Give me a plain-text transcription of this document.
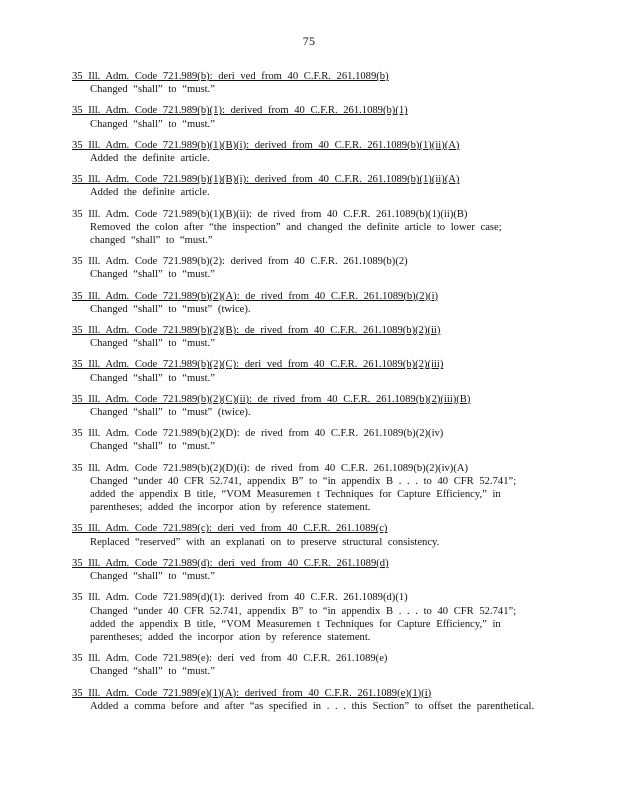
75
35 Ill. Adm. Code 721.989(b): deri ved from 40 C.F.R. 261.1089(b)
Changed “shall” to “must.”
35 Ill. Adm. Code 721.989(b)(1): derived from 40 C.F.R. 261.1089(b)(1)
Changed “shall” to “must.”
35 Ill. Adm. Code 721.989(b)(1)(B)(i): derived from 40 C.F.R. 261.1089(b)(1)(ii)(A)
Added the definite article.
35 Ill. Adm. Code 721.989(b)(1)(B)(i): derived from 40 C.F.R. 261.1089(b)(1)(ii)(A)
Added the definite article.
35 Ill. Adm. Code 721.989(b)(1)(B)(ii): de rived from 40 C.F.R. 261.1089(b)(1)(ii)(B)
Removed the colon after “the inspection” and changed the definite article to lower case;
changed “shall” to “must.”
35 Ill. Adm. Code 721.989(b)(2): derived from 40 C.F.R. 261.1089(b)(2)
Changed “shall” to “must.”
35 Ill. Adm. Code 721.989(b)(2)(A): de rived from 40 C.F.R. 261.1089(b)(2)(i)
Changed “shall” to “must” (twice).
35 Ill. Adm. Code 721.989(b)(2)(B): de rived from 40 C.F.R. 261.1089(b)(2)(ii)
Changed “shall” to “must.”
35 Ill. Adm. Code 721.989(b)(2)(C): deri ved from 40 C.F.R. 261.1089(b)(2)(iii)
Changed “shall” to “must.”
35 Ill. Adm. Code 721.989(b)(2)(C)(ii): de rived from 40 C.F.R. 261.1089(b)(2)(iii)(B)
Changed “shall” to “must” (twice).
35 Ill. Adm. Code 721.989(b)(2)(D): de rived from 40 C.F.R. 261.1089(b)(2)(iv)
Changed “shall” to “must.”
35 Ill. Adm. Code 721.989(b)(2)(D)(i): de rived from 40 C.F.R. 261.1089(b)(2)(iv)(A)
Changed “under 40 CFR 52.741, appendix B” to “in appendix B . . . to 40 CFR 52.741”;
added the appendix B title, “VOM Measuremen t Techniques for Capture Efficiency,” in
parentheses; added the incorpor ation by reference statement.
35 Ill. Adm. Code 721.989(c): deri ved from 40 C.F.R. 261.1089(c)
Replaced “reserved” with an explanati on to preserve structural consistency.
35 Ill. Adm. Code 721.989(d): deri ved from 40 C.F.R. 261.1089(d)
Changed “shall” to “must.”
35 Ill. Adm. Code 721.989(d)(1): derived from 40 C.F.R. 261.1089(d)(1)
Changed “under 40 CFR 52.741, appendix B” to “in appendix B . . . to 40 CFR 52.741”;
added the appendix B title, “VOM Measuremen t Techniques for Capture Efficiency,” in
parentheses; added the incorpor ation by reference statement.
35 Ill. Adm. Code 721.989(e): deri ved from 40 C.F.R. 261.1089(e)
Changed “shall” to “must.”
35 Ill. Adm. Code 721.989(e)(1)(A): derived from 40 C.F.R. 261.1089(e)(1)(i)
Added a comma before and after “as specified in . . . this Section” to offset the parenthetical.
